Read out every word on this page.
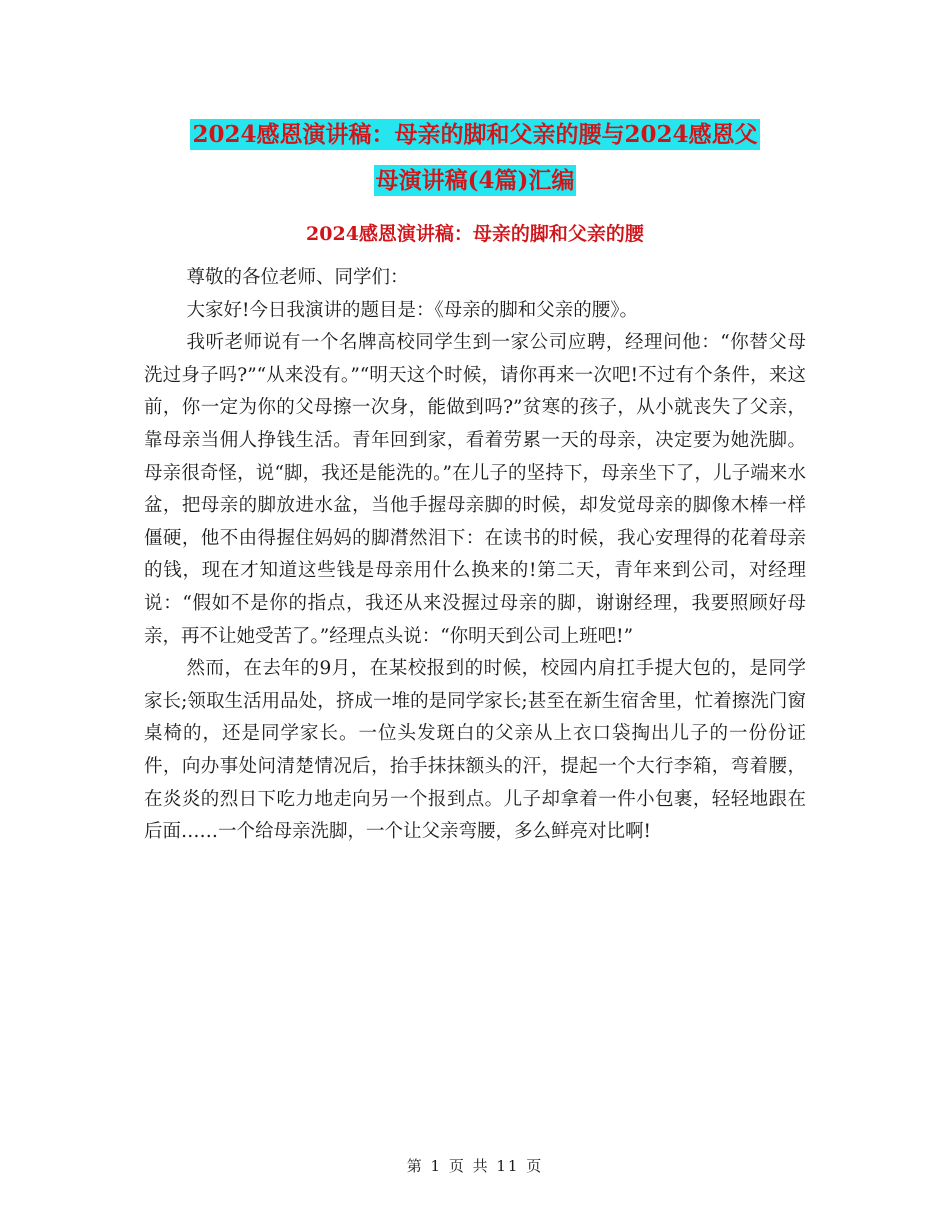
2024感恩演讲稿：母亲的脚和父亲的腰与2024感恩父
母演讲稿(4篇)汇编
2024感恩演讲稿：母亲的脚和父亲的腰

尊敬的各位老师、同学们：

大家好!今日我演讲的题目是：《母亲的脚和父亲的腰》。

我听老师说有一个名牌高校同学生到一家公司应聘，经理问他：“你替父母洗过身子吗?”“从来没有。”“明天这个时候，请你再来一次吧!不过有个条件，来这前，你一定为你的父母擦一次身，能做到吗?”贫寒的孩子，从小就丧失了父亲，靠母亲当佣人挣钱生活。青年回到家，看着劳累一天的母亲，决定要为她洗脚。母亲很奇怪，说“脚，我还是能洗的。”在儿子的坚持下，母亲坐下了，儿子端来水盆，把母亲的脚放进水盆，当他手握母亲脚的时候，却发觉母亲的脚像木棒一样僵硬，他不由得握住妈妈的脚潸然泪下：在读书的时候，我心安理得的花着母亲的钱，现在才知道这些钱是母亲用什么换来的!第二天，青年来到公司，对经理说：“假如不是你的指点，我还从来没握过母亲的脚，谢谢经理，我要照顾好母亲，再不让她受苦了。”经理点头说：“你明天到公司上班吧!”

然而，在去年的9月，在某校报到的时候，校园内肩扛手提大包的，是同学家长;领取生活用品处，挤成一堆的是同学家长;甚至在新生宿舍里，忙着擦洗门窗桌椅的，还是同学家长。一位头发斑白的父亲从上衣口袋掏出儿子的一份份证件，向办事处问清楚情况后，抬手抹抹额头的汗，提起一个大行李箱，弯着腰，在炎炎的烈日下吃力地走向另一个报到点。儿子却拿着一件小包裹，轻轻地跟在后面……一个给母亲洗脚，一个让父亲弯腰，多么鲜亮对比啊!

第 1 页 共 11 页
